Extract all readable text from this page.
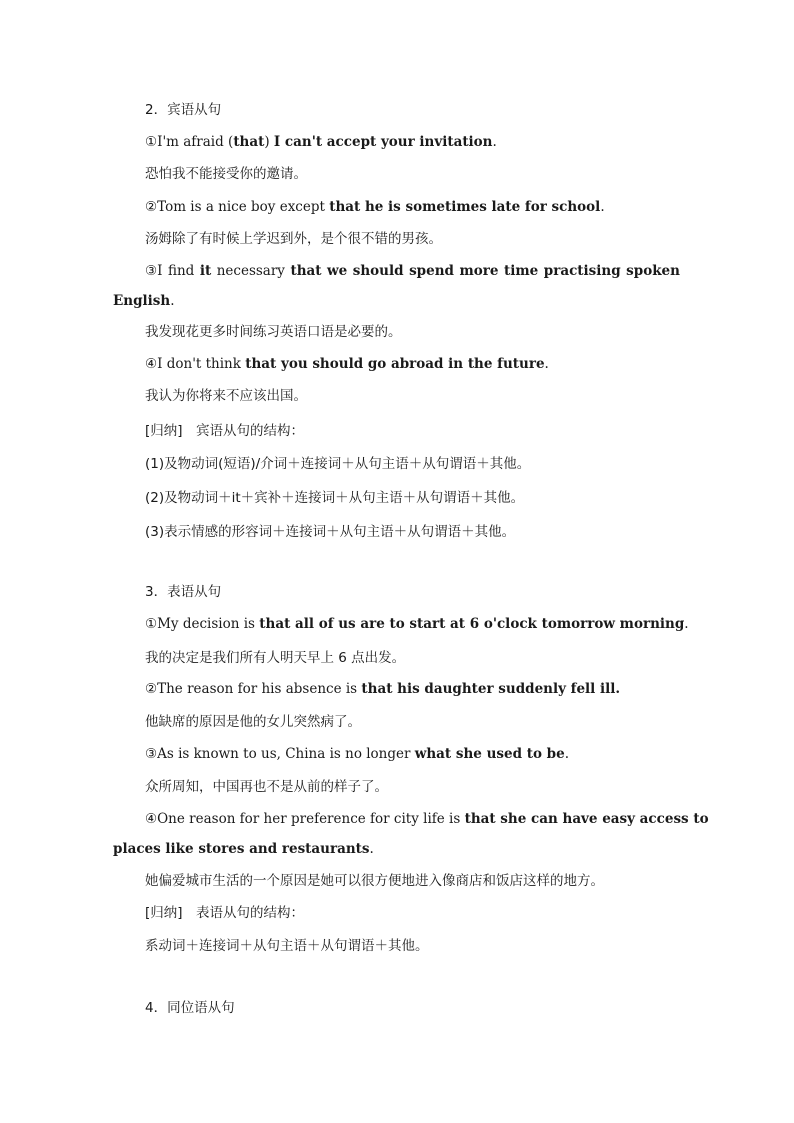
2．宾语从句
①I'm afraid (that) I can't accept your invitation.
恐怕我不能接受你的邀请。
②Tom is a nice boy except that he is sometimes late for school.
汤姆除了有时候上学迟到外，是个很不错的男孩。
③I find it necessary that we should spend more time practising spoken
English.
我发现花更多时间练习英语口语是必要的。
④I don't think that you should go abroad in the future.
我认为你将来不应该出国。
[归纳]　宾语从句的结构：
(1)及物动词(短语)/介词＋连接词＋从句主语＋从句谓语＋其他。
(2)及物动词＋it＋宾补＋连接词＋从句主语＋从句谓语＋其他。
(3)表示情感的形容词＋连接词＋从句主语＋从句谓语＋其他。
3．表语从句
①My decision is that all of us are to start at 6 o'clock tomorrow morning.
我的决定是我们所有人明天早上 6 点出发。
②The reason for his absence is that his daughter suddenly fell ill.
他缺席的原因是他的女儿突然病了。
③As is known to us, China is no longer what she used to be.
众所周知，中国再也不是从前的样子了。
④One reason for her preference for city life is that she can have easy access to
places like stores and restaurants.
她偏爱城市生活的一个原因是她可以很方便地进入像商店和饭店这样的地方。
[归纳]　表语从句的结构：
系动词＋连接词＋从句主语＋从句谓语＋其他。
4．同位语从句
